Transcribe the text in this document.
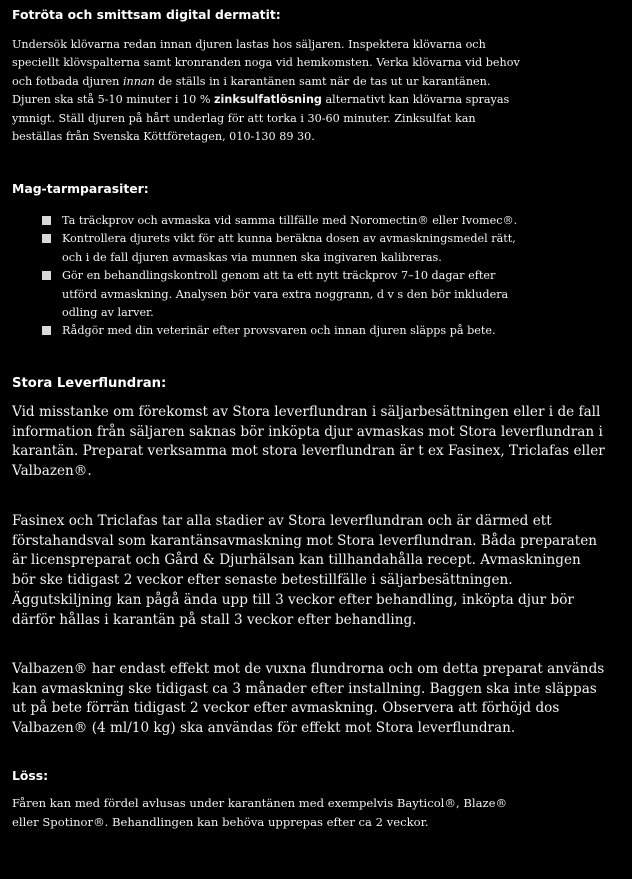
Fotröta och smittsam digital dermatit:
Undersök klövarna redan innan djuren lastas hos säljaren. Inspektera klövarna och
speciellt klövspalterna samt kronranden noga vid hemkomsten. Verka klövarna vid behov
och fotbada djuren innan de ställs in i karantänen samt när de tas ut ur karantänen.
Djuren ska stå 5-10 minuter i 10 % zinksulfatlösning alternativt kan klövarna sprayas
ymnigt. Ställ djuren på hårt underlag för att torka i 30-60 minuter. Zinksulfat kan
beställas från Svenska Köttföretagen, 010-130 89 30.
Mag-tarmparasiter:
Ta träckprov och avmaska vid samma tillfälle med Noromectin® eller Ivomec®.
Kontrollera djurets vikt för att kunna beräkna dosen av avmaskningsmedel rätt,
och i de fall djuren avmaskas via munnen ska ingivaren kalibreras.
Gör en behandlingskontroll genom att ta ett nytt träckprov 7–10 dagar efter
utförd avmaskning. Analysen bör vara extra noggrann, d v s den bör inkludera
odling av larver.
Rådgör med din veterinär efter provsvaren och innan djuren släpps på bete.
Stora Leverflundran:
Vid misstanke om förekomst av Stora leverflundran i säljarbesättningen eller i de fall
information från säljaren saknas bör inköpta djur avmaskas mot Stora leverflundran i
karantän. Preparat verksamma mot stora leverflundran är t ex Fasinex, Triclafas eller
Valbazen®.
Fasinex och Triclafas tar alla stadier av Stora leverflundran och är därmed ett
förstahandsval som karantänsavmaskning mot Stora leverflundran. Båda preparaten
är licenspreparat och Gård & Djurhälsan kan tillhandahålla recept. Avmaskningen
bör ske tidigast 2 veckor efter senaste betestillfälle i säljarbesättningen.
Äggutskiljning kan pågå ända upp till 3 veckor efter behandling, inköpta djur bör
därför hållas i karantän på stall 3 veckor efter behandling.
Valbazen® har endast effekt mot de vuxna flundrorna och om detta preparat används
kan avmaskning ske tidigast ca 3 månader efter installning. Baggen ska inte släppas
ut på bete förrän tidigast 2 veckor efter avmaskning. Observera att förhöjd dos
Valbazen® (4 ml/10 kg) ska användas för effekt mot Stora leverflundran.
Löss:
Fåren kan med fördel avlusas under karantänen med exempelvis Bayticol®, Blaze®
eller Spotinor®. Behandlingen kan behöva upprepas efter ca 2 veckor.
